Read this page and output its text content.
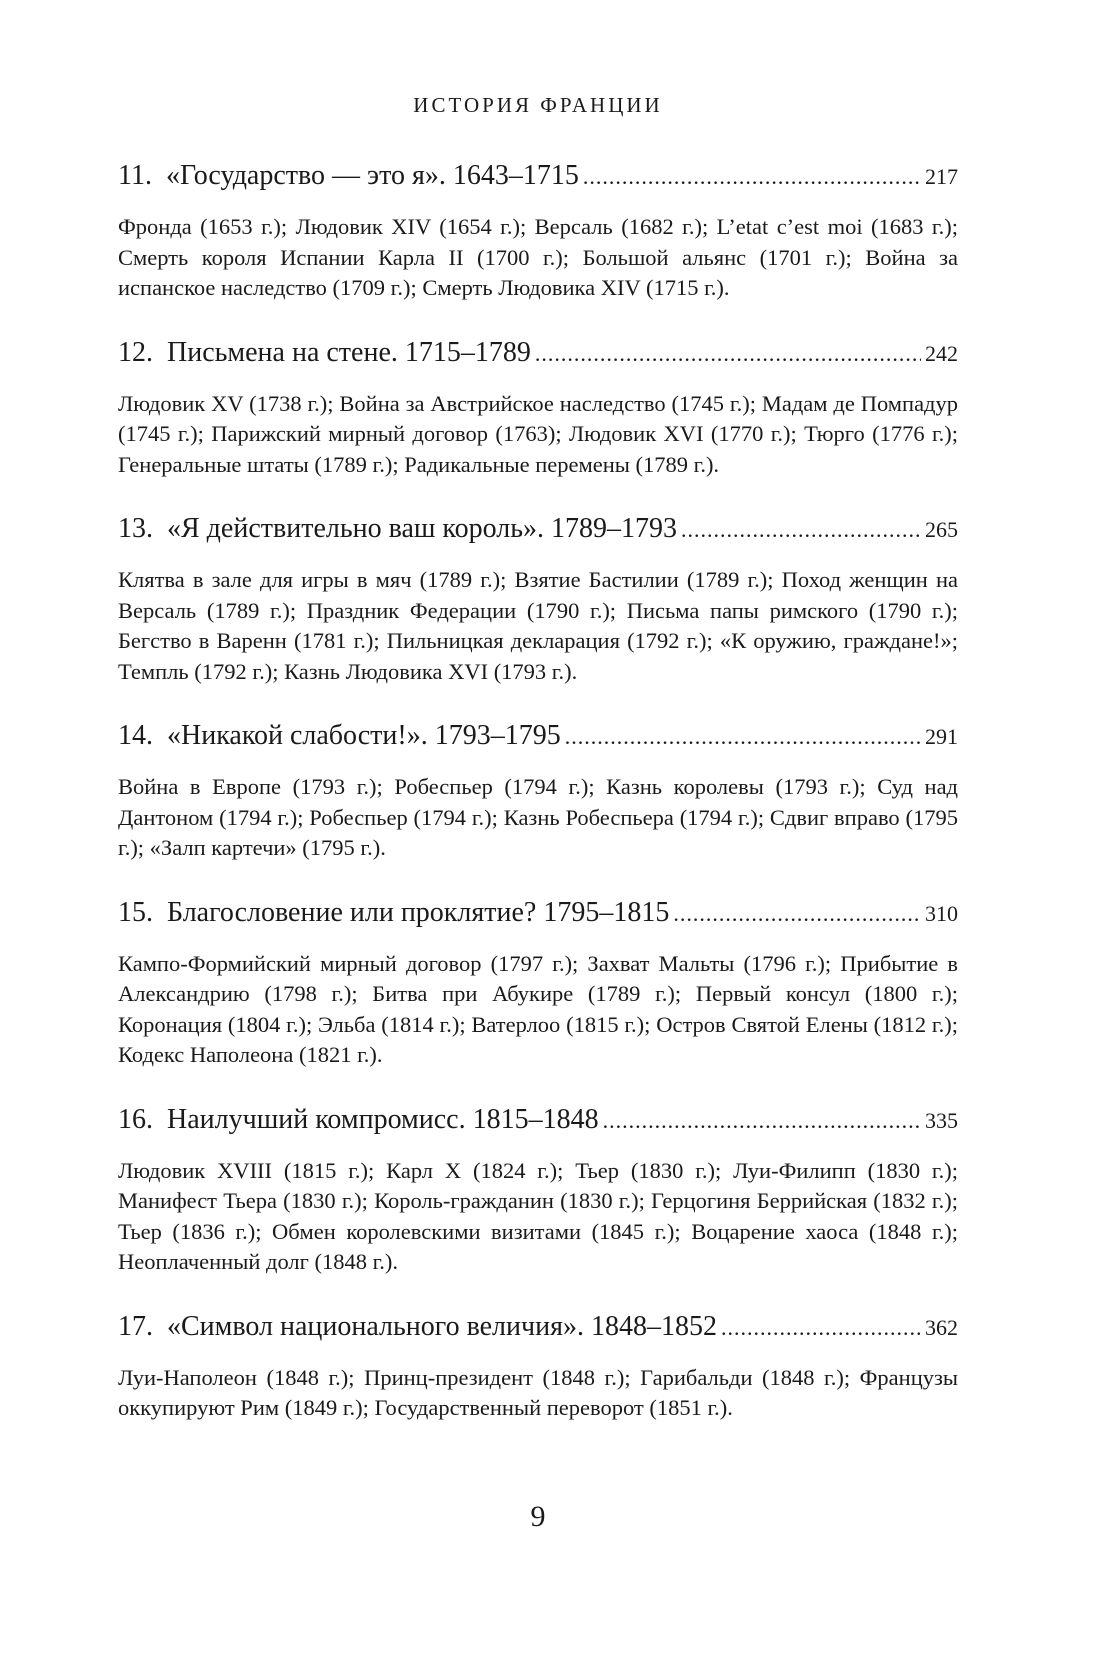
ИСТОРИЯ ФРАНЦИИ
11. «Государство — это я». 1643–1715 .....	217

Фронда (1653 г.); Людовик XIV (1654 г.); Версаль (1682 г.); L’etat c’est moi (1683 г.); Смерть короля Испании Карла II (1700 г.); Большой альянс (1701 г.); Война за испанское наследство (1709 г.); Смерть Людовика XIV (1715 г.).

12. Письмена на стене. 1715–1789 .....	242

Людовик XV (1738 г.); Война за Австрийское наследство (1745 г.); Мадам де Помпадур (1745 г.); Парижский мирный договор (1763); Людовик XVI (1770 г.); Тюрго (1776 г.); Генеральные штаты (1789 г.); Радикальные перемены (1789 г.).

13. «Я действительно ваш король». 1789–1793 .....	265

Клятва в зале для игры в мяч (1789 г.); Взятие Бастилии (1789 г.); Поход женщин на Версаль (1789 г.); Праздник Федерации (1790 г.); Письма папы римского (1790 г.); Бегство в Варенн (1781 г.); Пильницкая декларация (1792 г.); «К оружию, граждане!»; Темпль (1792 г.); Казнь Людовика XVI (1793 г.).

14. «Никакой слабости!». 1793–1795 .....	291

Война в Европе (1793 г.); Робеспьер (1794 г.); Казнь королевы (1793 г.); Суд над Дантоном (1794 г.); Робеспьер (1794 г.); Казнь Робеспьера (1794 г.); Сдвиг вправо (1795 г.); «Залп картечи» (1795 г.).

15. Благословение или проклятие? 1795–1815 .....	310

Кампо-Формийский мирный договор (1797 г.); Захват Мальты (1796 г.); Прибытие в Александрию (1798 г.); Битва при Абукире (1789 г.); Первый консул (1800 г.); Коронация (1804 г.); Эльба (1814 г.); Ватерлоо (1815 г.); Остров Святой Елены (1812 г.); Кодекс Наполеона (1821 г.).

16. Наилучший компромисс. 1815–1848 .....	335

Людовик XVIII (1815 г.); Карл X (1824 г.); Тьер (1830 г.); Луи-Филипп (1830 г.); Манифест Тьера (1830 г.); Король-гражданин (1830 г.); Герцогиня Беррийская (1832 г.); Тьер (1836 г.); Обмен королевскими визитами (1845 г.); Воцарение хаоса (1848 г.); Неоплаченный долг (1848 г.).

17. «Символ национального величия». 1848–1852 .....	362

Луи-Наполеон (1848 г.); Принц-президент (1848 г.); Гарибальди (1848 г.); Французы оккупируют Рим (1849 г.); Государственный переворот (1851 г.).

9
